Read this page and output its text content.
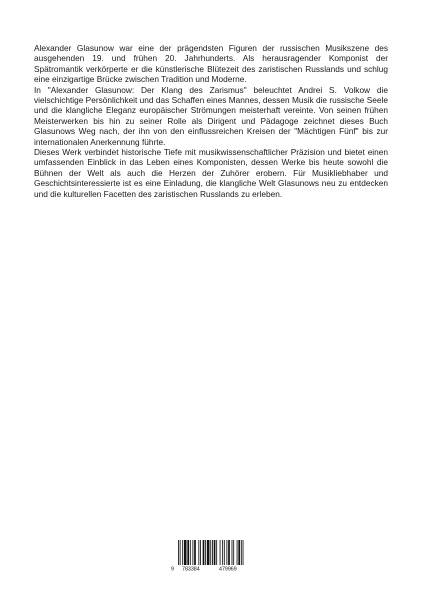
Alexander Glasunow war eine der prägendsten Figuren der russischen Musikszene des ausgehenden 19. und frühen 20. Jahrhunderts. Als herausragender Komponist der Spätromantik verkörperte er die künstlerische Blütezeit des zaristischen Russlands und schlug eine einzigartige Brücke zwischen Tradition und Moderne.

In "Alexander Glasunow: Der Klang des Zarismus" beleuchtet Andrei S. Volkow die vielschichtige Persönlichkeit und das Schaffen eines Mannes, dessen Musik die russische Seele und die klangliche Eleganz europäischer Strömungen meisterhaft vereinte. Von seinen frühen Meisterwerken bis hin zu seiner Rolle als Dirigent und Pädagoge zeichnet dieses Buch Glasunows Weg nach, der ihn von den einflussreichen Kreisen der "Mächtigen Fünf" bis zur internationalen Anerkennung führte.

Dieses Werk verbindet historische Tiefe mit musikwissenschaftlicher Präzision und bietet einen umfassenden Einblick in das Leben eines Komponisten, dessen Werke bis heute sowohl die Bühnen der Welt als auch die Herzen der Zuhörer erobern. Für Musikliebhaber und Geschichtsinteressierte ist es eine Einladung, die klangliche Welt Glasunows neu zu entdecken und die kulturellen Facetten des zaristischen Russlands zu erleben.

9 783384	479969
